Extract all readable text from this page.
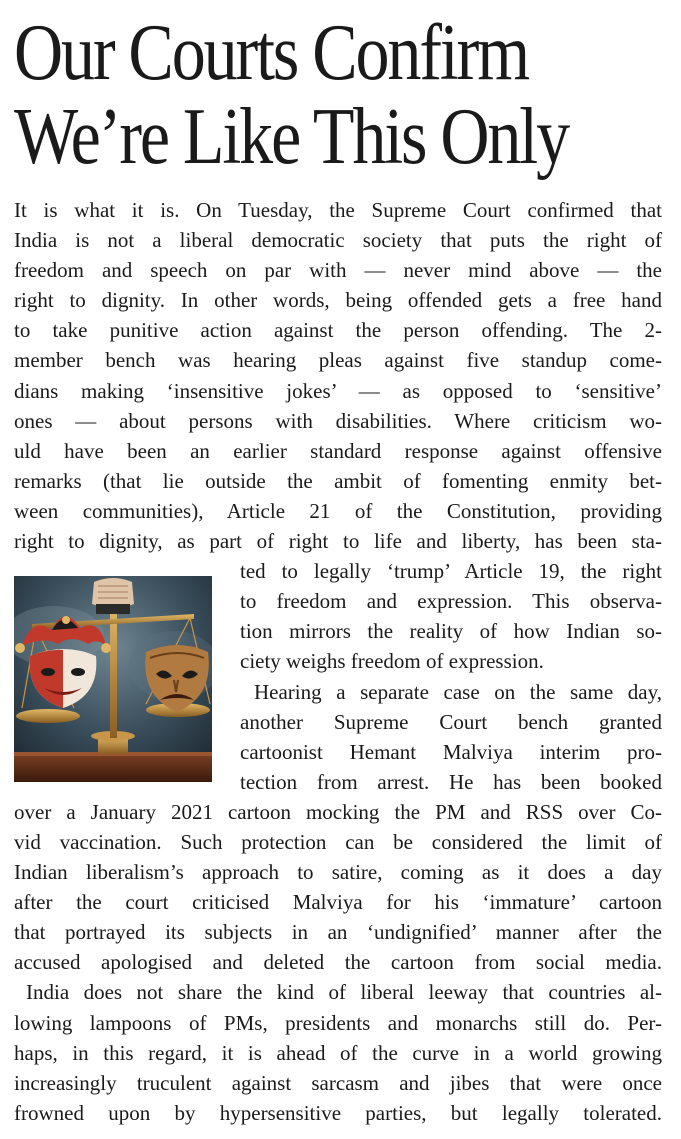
Our Courts Confirm
We’re Like This Only
It is what it is. On Tuesday, the Supreme Court confirmed that
India is not a liberal democratic society that puts the right of
freedom and speech on par with — never mind above — the
right to dignity. In other words, being offended gets a free hand
to take punitive action against the person offending. The 2-
member bench was hearing pleas against five standup come-
dians making ‘insensitive jokes’ — as opposed to ‘sensitive’
ones — about persons with disabilities. Where criticism wo-
uld have been an earlier standard response against offensive
remarks (that lie outside the ambit of fomenting enmity bet-
ween communities), Article 21 of the Constitution, providing
right to dignity, as part of right to life and liberty, has been sta-
ted to legally ‘trump’ Article 19, the right
to freedom and expression. This observa-
tion mirrors the reality of how Indian so-
ciety weighs freedom of expression.
Hearing a separate case on the same day,
another Supreme Court bench granted
cartoonist Hemant Malviya interim pro-
tection from arrest. He has been booked
over a January 2021 cartoon mocking the PM and RSS over Co-
vid vaccination. Such protection can be considered the limit of
Indian liberalism’s approach to satire, coming as it does a day
after the court criticised Malviya for his ‘immature’ cartoon
that portrayed its subjects in an ‘undignified’ manner after the
accused apologised and deleted the cartoon from social media.
India does not share the kind of liberal leeway that countries al-
lowing lampoons of PMs, presidents and monarchs still do. Per-
haps, in this regard, it is ahead of the curve in a world growing
increasingly truculent against sarcasm and jibes that were once
frowned upon by hypersensitive parties, but legally tolerated.
